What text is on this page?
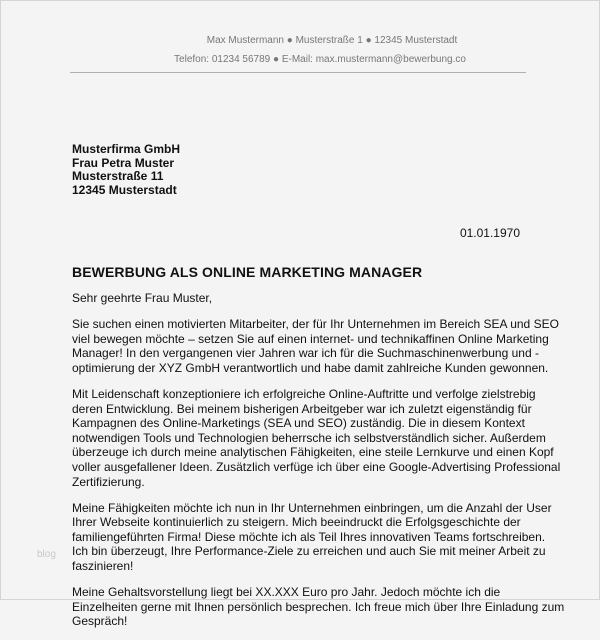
Max Mustermann ● Musterstraße 1 ● 12345 Musterstadt
Telefon: 01234 56789 ● E-Mail: max.mustermann@bewerbung.co
Musterfirma GmbH
Frau Petra Muster
Musterstraße 11
12345 Musterstadt
01.01.1970
BEWERBUNG ALS ONLINE MARKETING MANAGER

Sehr geehrte Frau Muster,

Sie suchen einen motivierten Mitarbeiter, der für Ihr Unternehmen im Bereich SEA und SEO
viel bewegen möchte – setzen Sie auf einen internet- und technikaffinen Online Marketing
Manager! In den vergangenen vier Jahren war ich für die Suchmaschinenwerbung und -
optimierung der XYZ GmbH verantwortlich und habe damit zahlreiche Kunden gewonnen.

Mit Leidenschaft konzeptioniere ich erfolgreiche Online-Auftritte und verfolge zielstrebig
deren Entwicklung. Bei meinem bisherigen Arbeitgeber war ich zuletzt eigenständig für
Kampagnen des Online-Marketings (SEA und SEO) zuständig. Die in diesem Kontext
notwendigen Tools und Technologien beherrsche ich selbstverständlich sicher. Außerdem
überzeuge ich durch meine analytischen Fähigkeiten, eine steile Lernkurve und einen Kopf
voller ausgefallener Ideen. Zusätzlich verfüge ich über eine Google-Advertising Professional
Zertifizierung.

Meine Fähigkeiten möchte ich nun in Ihr Unternehmen einbringen, um die Anzahl der User
Ihrer Webseite kontinuierlich zu steigern. Mich beeindruckt die Erfolgsgeschichte der
familiengeführten Firma! Diese möchte ich als Teil Ihres innovativen Teams fortschreiben.
Ich bin überzeugt, Ihre Performance-Ziele zu erreichen und auch Sie mit meiner Arbeit zu
faszinieren!

Meine Gehaltsvorstellung liegt bei XX.XXX Euro pro Jahr. Jedoch möchte ich die
Einzelheiten gerne mit Ihnen persönlich besprechen. Ich freue mich über Ihre Einladung zum
Gespräch!

blog
